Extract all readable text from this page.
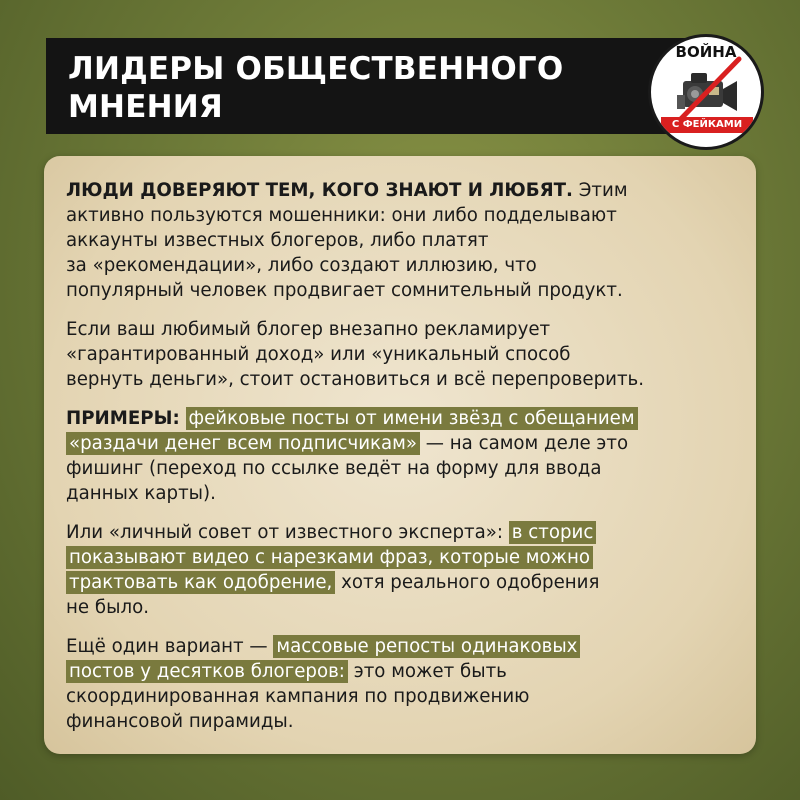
ЛИДЕРЫ ОБЩЕСТВЕННОГО
МНЕНИЯ
ВОЙНА
С ФЕЙКАМИ
ЛЮДИ ДОВЕРЯЮТ ТЕМ, КОГО ЗНАЮТ И ЛЮБЯТ. Этим
активно пользуются мошенники: они либо подделывают
аккаунты известных блогеров, либо платят
за «рекомендации», либо создают иллюзию, что
популярный человек продвигает сомнительный продукт.
Если ваш любимый блогер внезапно рекламирует
«гарантированный доход» или «уникальный способ
вернуть деньги», стоит остановиться и всё перепроверить.
ПРИМЕРЫ: фейковые посты от имени звёзд с обещанием
«раздачи денег всем подписчикам» — на самом деле это
фишинг (переход по ссылке ведёт на форму для ввода
данных карты).
Или «личный совет от известного эксперта»: в сторис
показывают видео с нарезками фраз, которые можно
трактовать как одобрение, хотя реального одобрения
не было.
Ещё один вариант — массовые репосты одинаковых
постов у десятков блогеров: это может быть
скоординированная кампания по продвижению
финансовой пирамиды.
